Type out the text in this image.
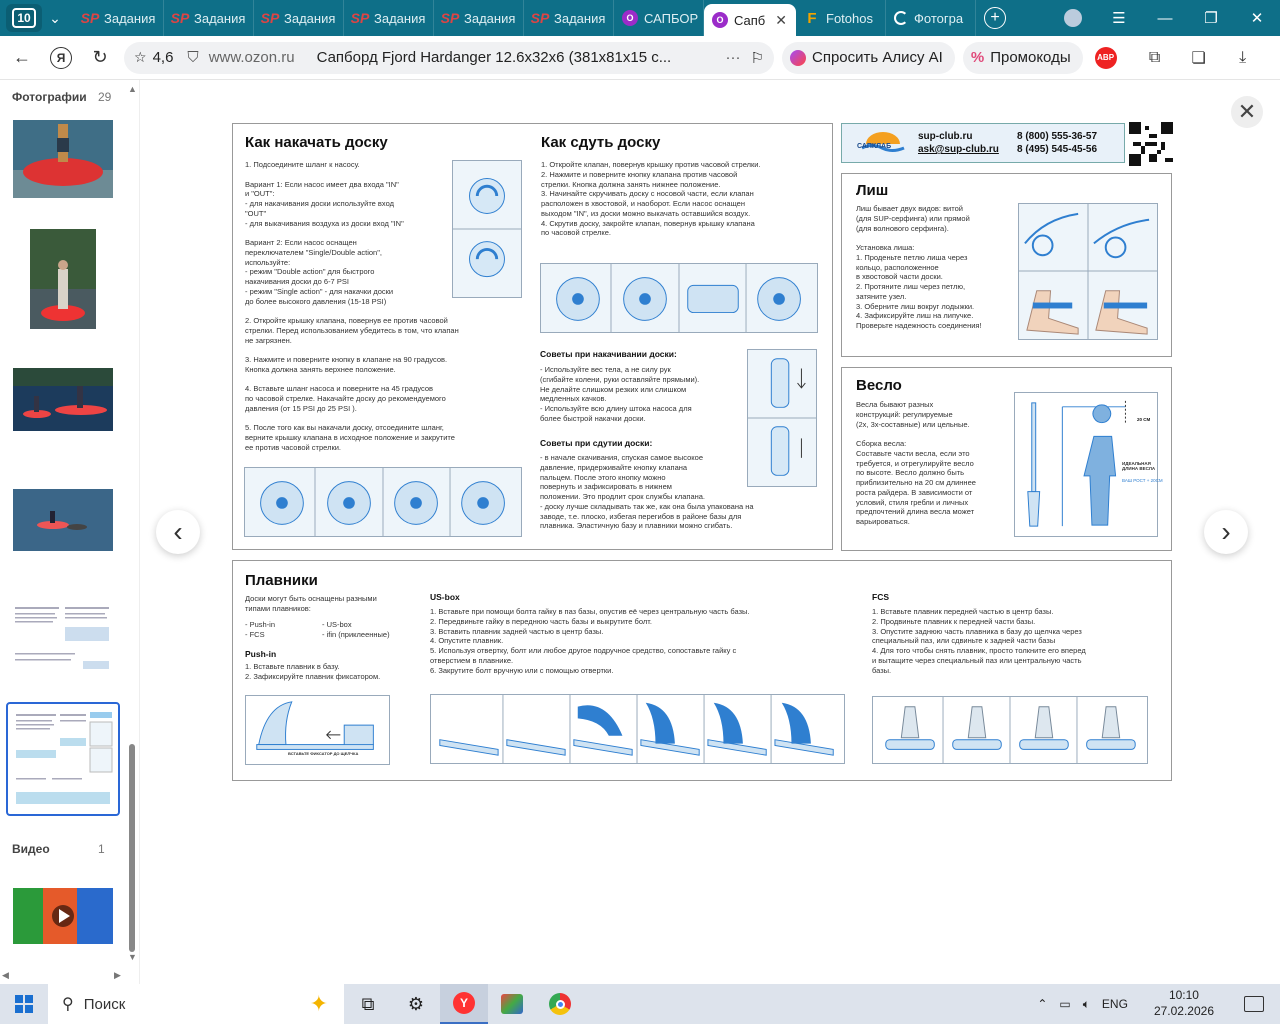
10	⌄	SP Задания SP Задания SP Задания SP Задания SP Задания SP Задания	O САПБОР	O Сапб ✕ F Fotohos	Фотогра	+	☰	—	❐	✕
←	Я	↻	☆ 4,6 ⛉ www.ozon.ru Сапборд Fjord Hardanger 12.6x32x6 (381x81x15 с...	··· ⚐	Спросить Алису AI % Промокоды	ABP	⧉	❏	⤓
▲
Фотографии 29
Видео	1
▼
◀	▶
‹	›
✕
Как накачать доску
1. Подсоедините шланг к насосу.

Вариант 1: Если насос имеет два входа "IN"
и "OUT":
- для накачивания доски используйте вход
"OUT"
- для выкачивания воздуха из доски вход "IN"

Вариант 2: Если насос оснащен
переключателем "Single/Double action",
используйте:
- режим "Double action" для быстрого
накачивания доски до 6-7 PSI
- режим "Single action" - для накачки доски
до более высокого давления (15-18 PSI)

2. Откройте крышку клапана, повернув ее против часовой
стрелки. Перед использованием убедитесь в том, что клапан
не загрязнен.

3. Нажмите и поверните кнопку в клапане на 90 градусов.
Кнопка должна занять верхнее положение.

4. Вставьте шланг насоса и поверните на 45 градусов
по часовой стрелке. Накачайте доску до рекомендуемого
давления (от 15 PSI до 25 PSI ).

5. После того как вы накачали доску, отсоедините шланг,
верните крышку клапана в исходное положение и закрутите
ее против часовой стрелки.
Как сдуть доску
1. Откройте клапан, повернув крышку против часовой стрелки.
2. Нажмите и поверните кнопку клапана против часовой
стрелки. Кнопка должна занять нижнее положение.
3. Начинайте скручивать доску с носовой части, если клапан
расположен в хвостовой, и наоборот. Если насос оснащен
выходом "IN", из доски можно выкачать оставшийся воздух.
4. Скрутив доску, закройте клапан, повернув крышку клапана
по часовой стрелке.
Советы при накачивании доски:
- Используйте вес тела, а не силу рук
(сгибайте колени, руки оставляйте прямыми).
Не делайте слишком резких или слишком
медленных качков.
- Используйте всю длину штока насоса для
более быстрой накачки доски.
Советы при сдутии доски:
- в начале скачивания, спуская самое высокое
давление, придерживайте кнопку клапана
пальцем. После этого кнопку можно
повернуть и зафиксировать в нижнем
положении. Это продлит срок службы клапана.
- доску лучше складывать так же, как она была упакована на
заводе, т.е. плоско, избегая перегибов в районе базы для
плавника. Эластичную базу и плавники можно сгибать.
САПКЛАБ
sup-club.ru
ask@sup-club.ru
8 (800) 555-36-57
8 (495) 545-45-56
Лиш
Лиш бывает двух видов: витой
(для SUP-серфинга) или прямой
(для волнового серфинга).

Установка лиша:
1. Проденьте петлю лиша через
кольцо, расположенное
в хвостовой части доски.
2. Протяните лиш через петлю,
затяните узел.
3. Оберните лиш вокруг лодыжки.
4. Зафиксируйте лиш на липучке.
Проверьте надежность соединения!
Весло
Весла бывают разных
конструкций: регулируемые
(2х, 3х-составные) или цельные.

Сборка весла:
Составьте части весла, если это
требуется, и отрегулируйте весло
по высоте. Весло должно быть
приблизительно на 20 см длиннее
роста райдера. В зависимости от
условий, стиля гребли и личных
предпочтений длина весла может
варьироваться.
20 СМ
ИДЕАЛЬНАЯ
ДЛИНА ВЕСЛА
ВАШ РОСТ + 20СМ
Плавники
Доски могут быть оснащены разными
типами плавников:
- Push-in
- FCS
- US-box
- ifin (приклеенные)
Push-in
1. Вставьте плавник в базу.
2. Зафиксируйте плавник фиксатором.
ВСТАВЬТЕ ФИКСАТОР ДО ЩЕЛЧКА
US-box
1. Вставьте при помощи болта гайку в паз базы, опустив её через центральную часть базы.
2. Передвиньте гайку в переднюю часть базы и выкрутите болт.
3. Вставить плавник задней частью в центр базы.
4. Опустите плавник.
5. Используя отвертку, болт или любое другое подручное средство, сопоставьте гайку с
отверстием в плавнике.
6. Закрутите болт вручную или с помощью отвертки.
FCS
1. Вставьте плавник передней частью в центр базы.
2. Продвиньте плавник к передней части базы.
3. Опустите заднюю часть плавника в базу до щелчка через
специальный паз, или сдвиньте к задней части базы
4. Для того чтобы снять плавник, просто толкните его вперед
и вытащите через специальный паз или центральную часть
базы.
⚲ Поиск	✦	⧉	⚙	Y	⌃ ▭ 🔈︎ ENG
10:10
27.02.2026
